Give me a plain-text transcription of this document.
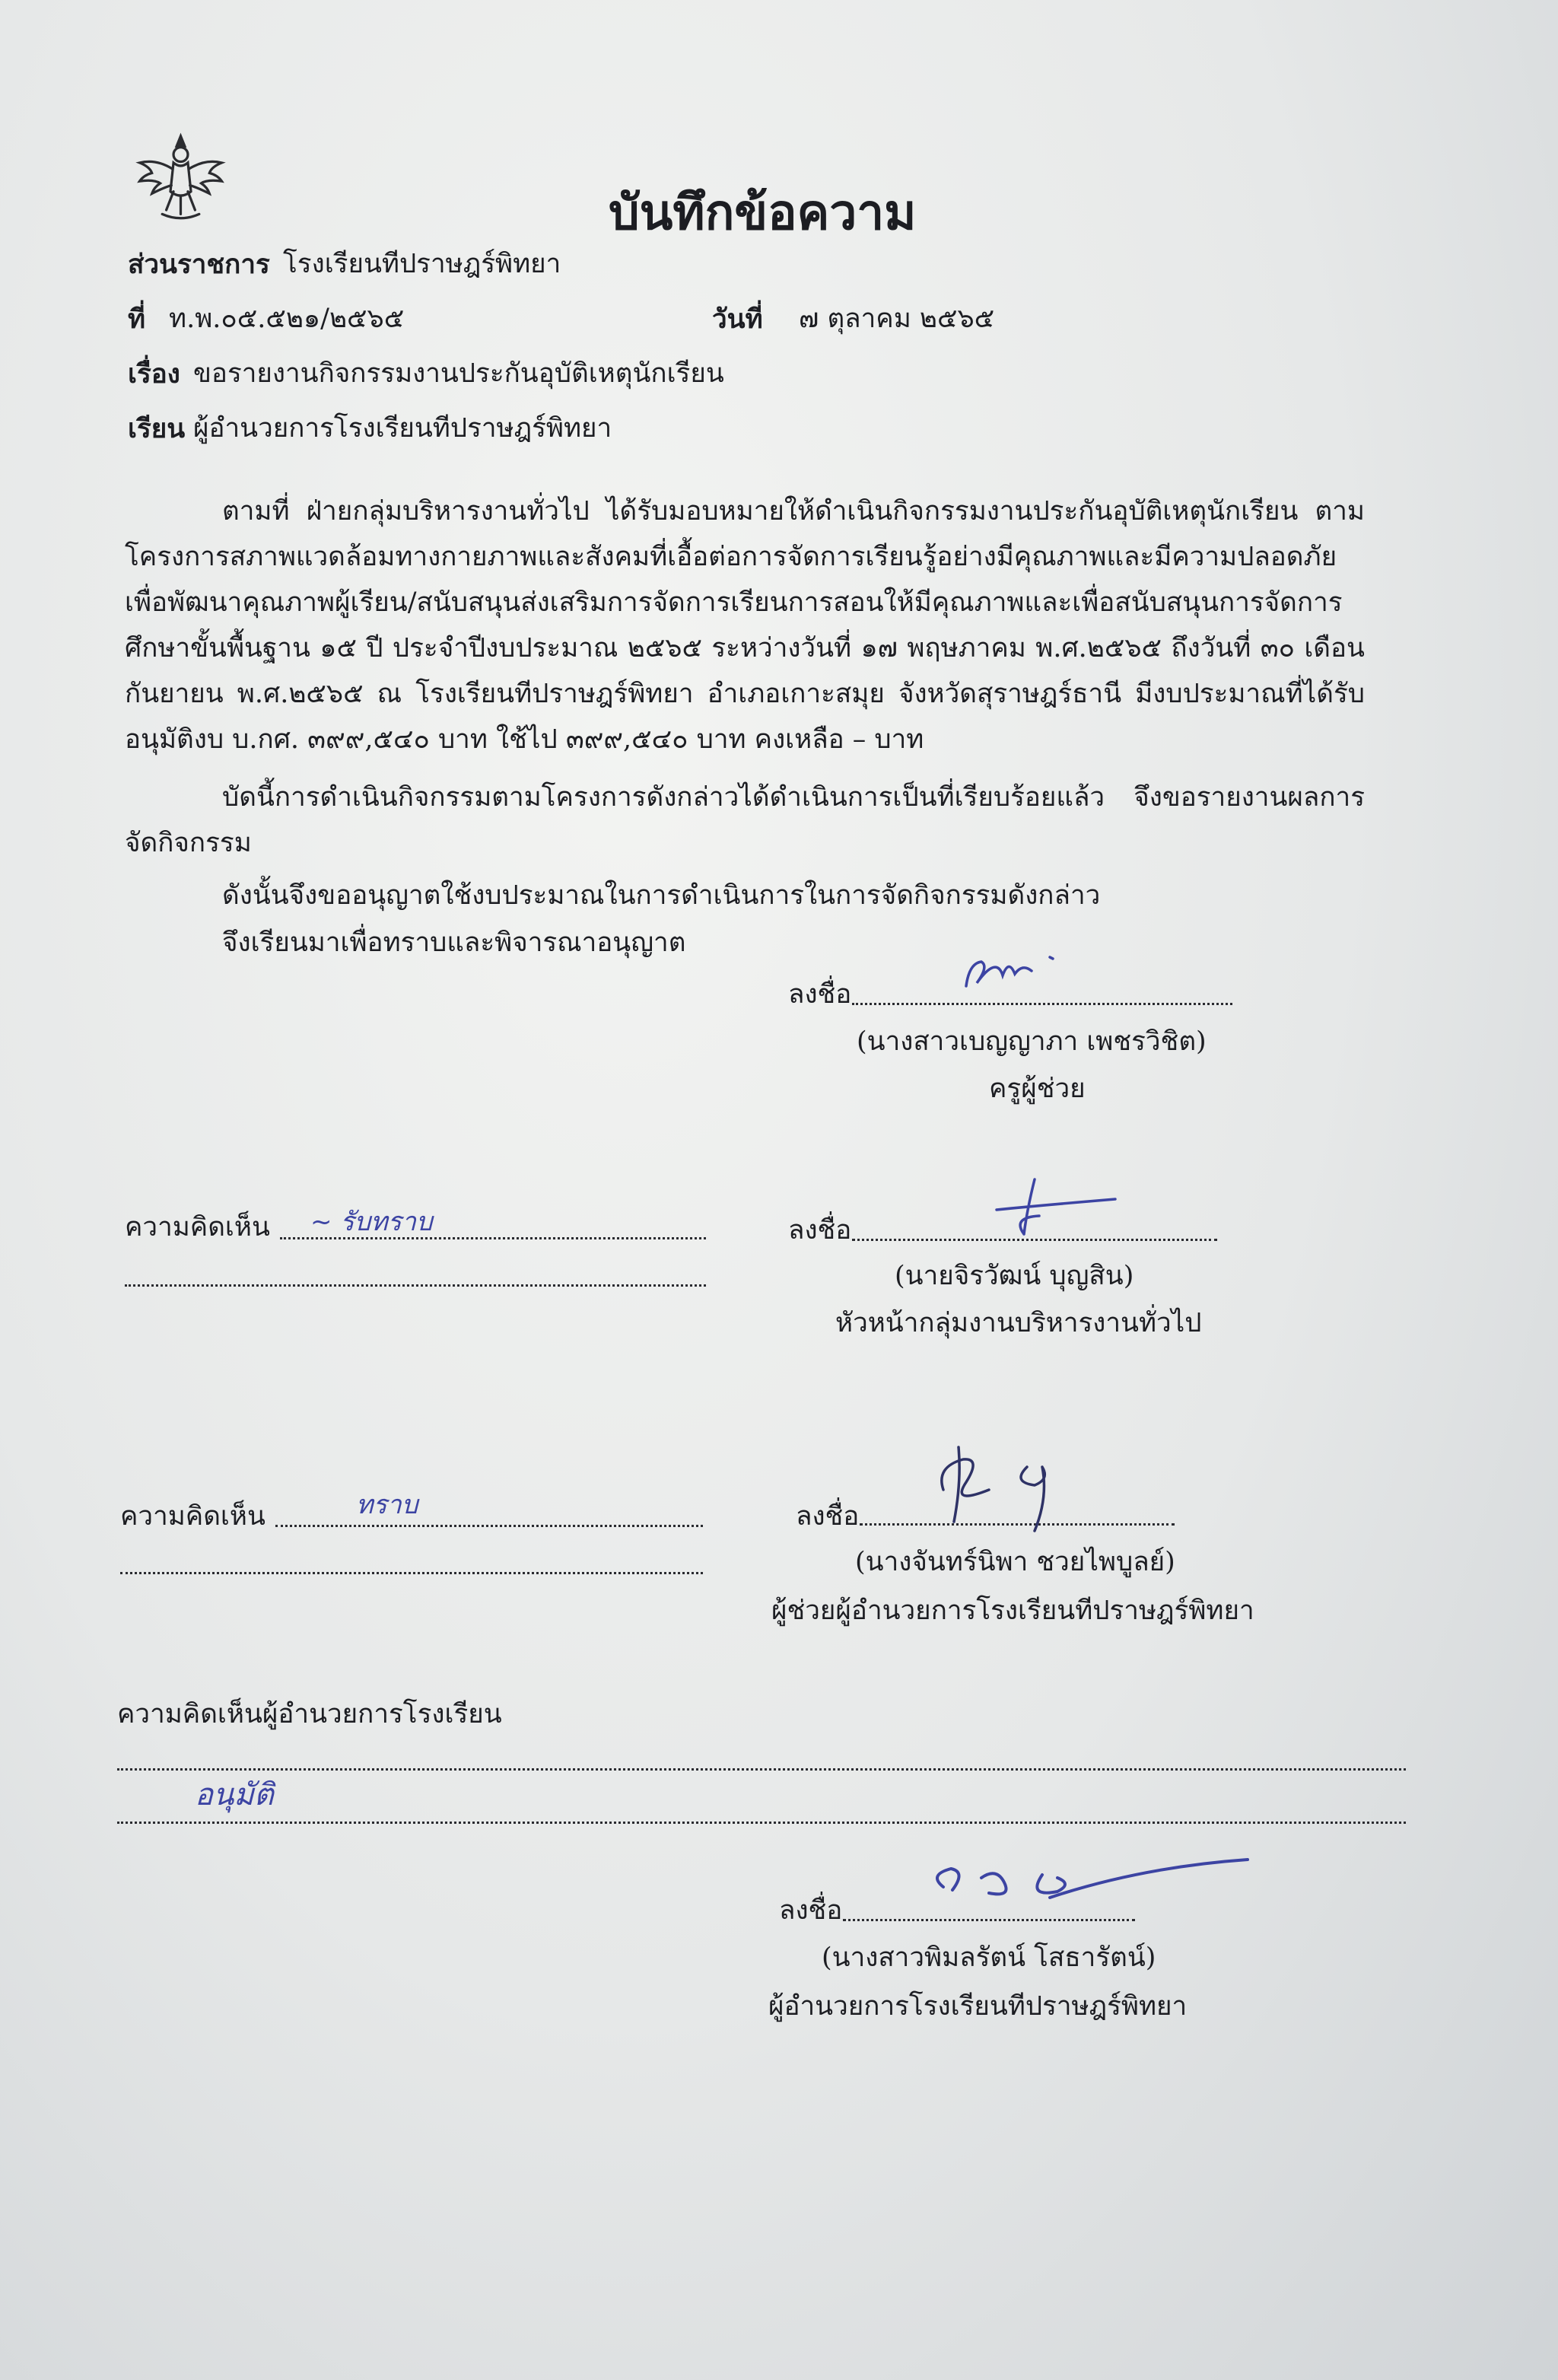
บันทึกข้อความ
ส่วนราชการ โรงเรียนทีปราษฎร์พิทยา
ที่ ท.พ.๐๕.๕๒๑/๒๕๖๕	วันที่ ๗ ตุลาคม ๒๕๖๕
เรื่อง ขอรายงานกิจกรรมงานประกันอุบัติเหตุนักเรียน
เรียน ผู้อำนวยการโรงเรียนทีปราษฎร์พิทยา
ตามที่ ฝ่ายกลุ่มบริหารงานทั่วไป ได้รับมอบหมายให้ดำเนินกิจกรรมงานประกันอุบัติเหตุนักเรียน ตามโครงการสภาพแวดล้อมทางกายภาพและสังคมที่เอื้อต่อการจัดการเรียนรู้อย่างมีคุณภาพและมีความปลอดภัยเพื่อพัฒนาคุณภาพผู้เรียน/สนับสนุนส่งเสริมการจัดการเรียนการสอนให้มีคุณภาพและเพื่อสนับสนุนการจัดการศึกษาขั้นพื้นฐาน ๑๕ ปี ประจำปีงบประมาณ ๒๕๖๕ ระหว่างวันที่ ๑๗ พฤษภาคม พ.ศ.๒๕๖๕ ถึงวันที่ ๓๐ เดือน กันยายน พ.ศ.๒๕๖๕ ณ โรงเรียนทีปราษฎร์พิทยา อำเภอเกาะสมุย จังหวัดสุราษฎร์ธานี มีงบประมาณที่ได้รับอนุมัติงบ บ.กศ. ๓๙๙,๕๔๐ บาท ใช้ไป ๓๙๙,๕๔๐ บาท คงเหลือ – บาท
บัดนี้การดำเนินกิจกรรมตามโครงการดังกล่าวได้ดำเนินการเป็นที่เรียบร้อยแล้ว จึงขอรายงานผลการจัดกิจกรรม
ดังนั้นจึงขออนุญาตใช้งบประมาณในการดำเนินการในการจัดกิจกรรมดังกล่าว
จึงเรียนมาเพื่อทราบและพิจารณาอนุญาต
ลงชื่อ
(นางสาวเบญญาภา เพชรวิชิต)
ครูผู้ช่วย
ความคิดเห็น ~ รับทราบ	ลงชื่อ
(นายจิรวัฒน์ บุญสิน)
หัวหน้ากลุ่มงานบริหารงานทั่วไป
ความคิดเห็น	ทราบ	ลงชื่อ
(นางจันทร์นิพา ชวยไพบูลย์)
ผู้ช่วยผู้อำนวยการโรงเรียนทีปราษฎร์พิทยา
ความคิดเห็นผู้อำนวยการโรงเรียน
อนุมัติ
ลงชื่อ
(นางสาวพิมลรัตน์ โสธารัตน์)
ผู้อำนวยการโรงเรียนทีปราษฎร์พิทยา
